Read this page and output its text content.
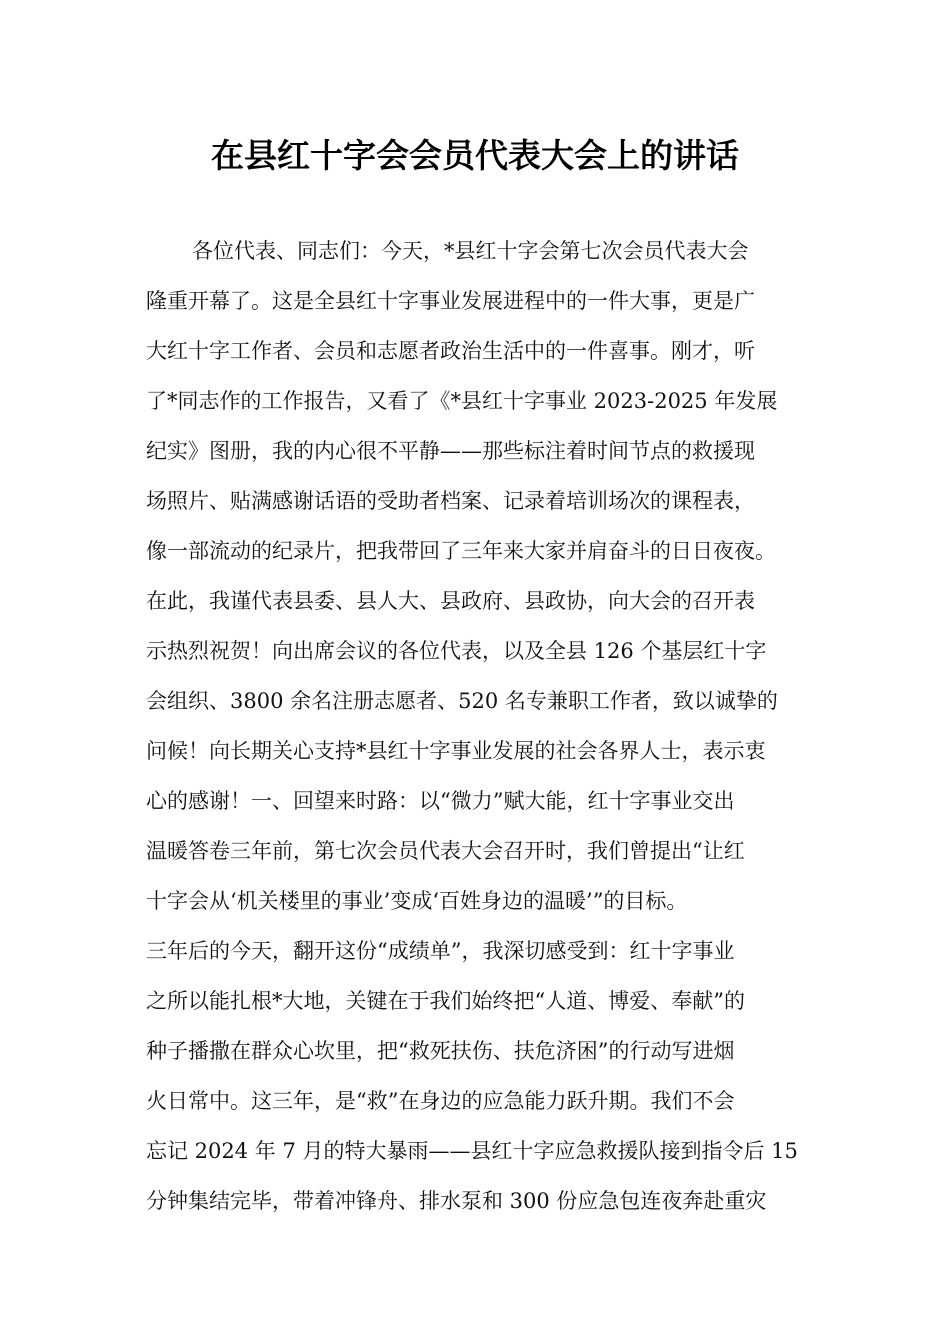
在县红十字会会员代表大会上的讲话
各位代表、同志们：今天，*县红十字会第七次会员代表大会
隆重开幕了。这是全县红十字事业发展进程中的一件大事，更是广
大红十字工作者、会员和志愿者政治生活中的一件喜事。刚才，听
了*同志作的工作报告，又看了《*县红十字事业 2023-2025 年发展
纪实》图册，我的内心很不平静——那些标注着时间节点的救援现
场照片、贴满感谢话语的受助者档案、记录着培训场次的课程表，
像一部流动的纪录片，把我带回了三年来大家并肩奋斗的日日夜夜。
在此，我谨代表县委、县人大、县政府、县政协，向大会的召开表
示热烈祝贺！向出席会议的各位代表，以及全县 126 个基层红十字
会组织、3800 余名注册志愿者、520 名专兼职工作者，致以诚挚的
问候！向长期关心支持*县红十字事业发展的社会各界人士，表示衷
心的感谢！一、回望来时路：以“微力”赋大能，红十字事业交出
温暖答卷三年前，第七次会员代表大会召开时，我们曾提出“让红
十字会从‘机关楼里的事业’变成‘百姓身边的温暖’”的目标。
三年后的今天，翻开这份“成绩单”，我深切感受到：红十字事业
之所以能扎根*大地，关键在于我们始终把“人道、博爱、奉献”的
种子播撒在群众心坎里，把“救死扶伤、扶危济困”的行动写进烟
火日常中。这三年，是“救”在身边的应急能力跃升期。我们不会
忘记 2024 年 7 月的特大暴雨——县红十字应急救援队接到指令后 15
分钟集结完毕，带着冲锋舟、排水泵和 300 份应急包连夜奔赴重灾
